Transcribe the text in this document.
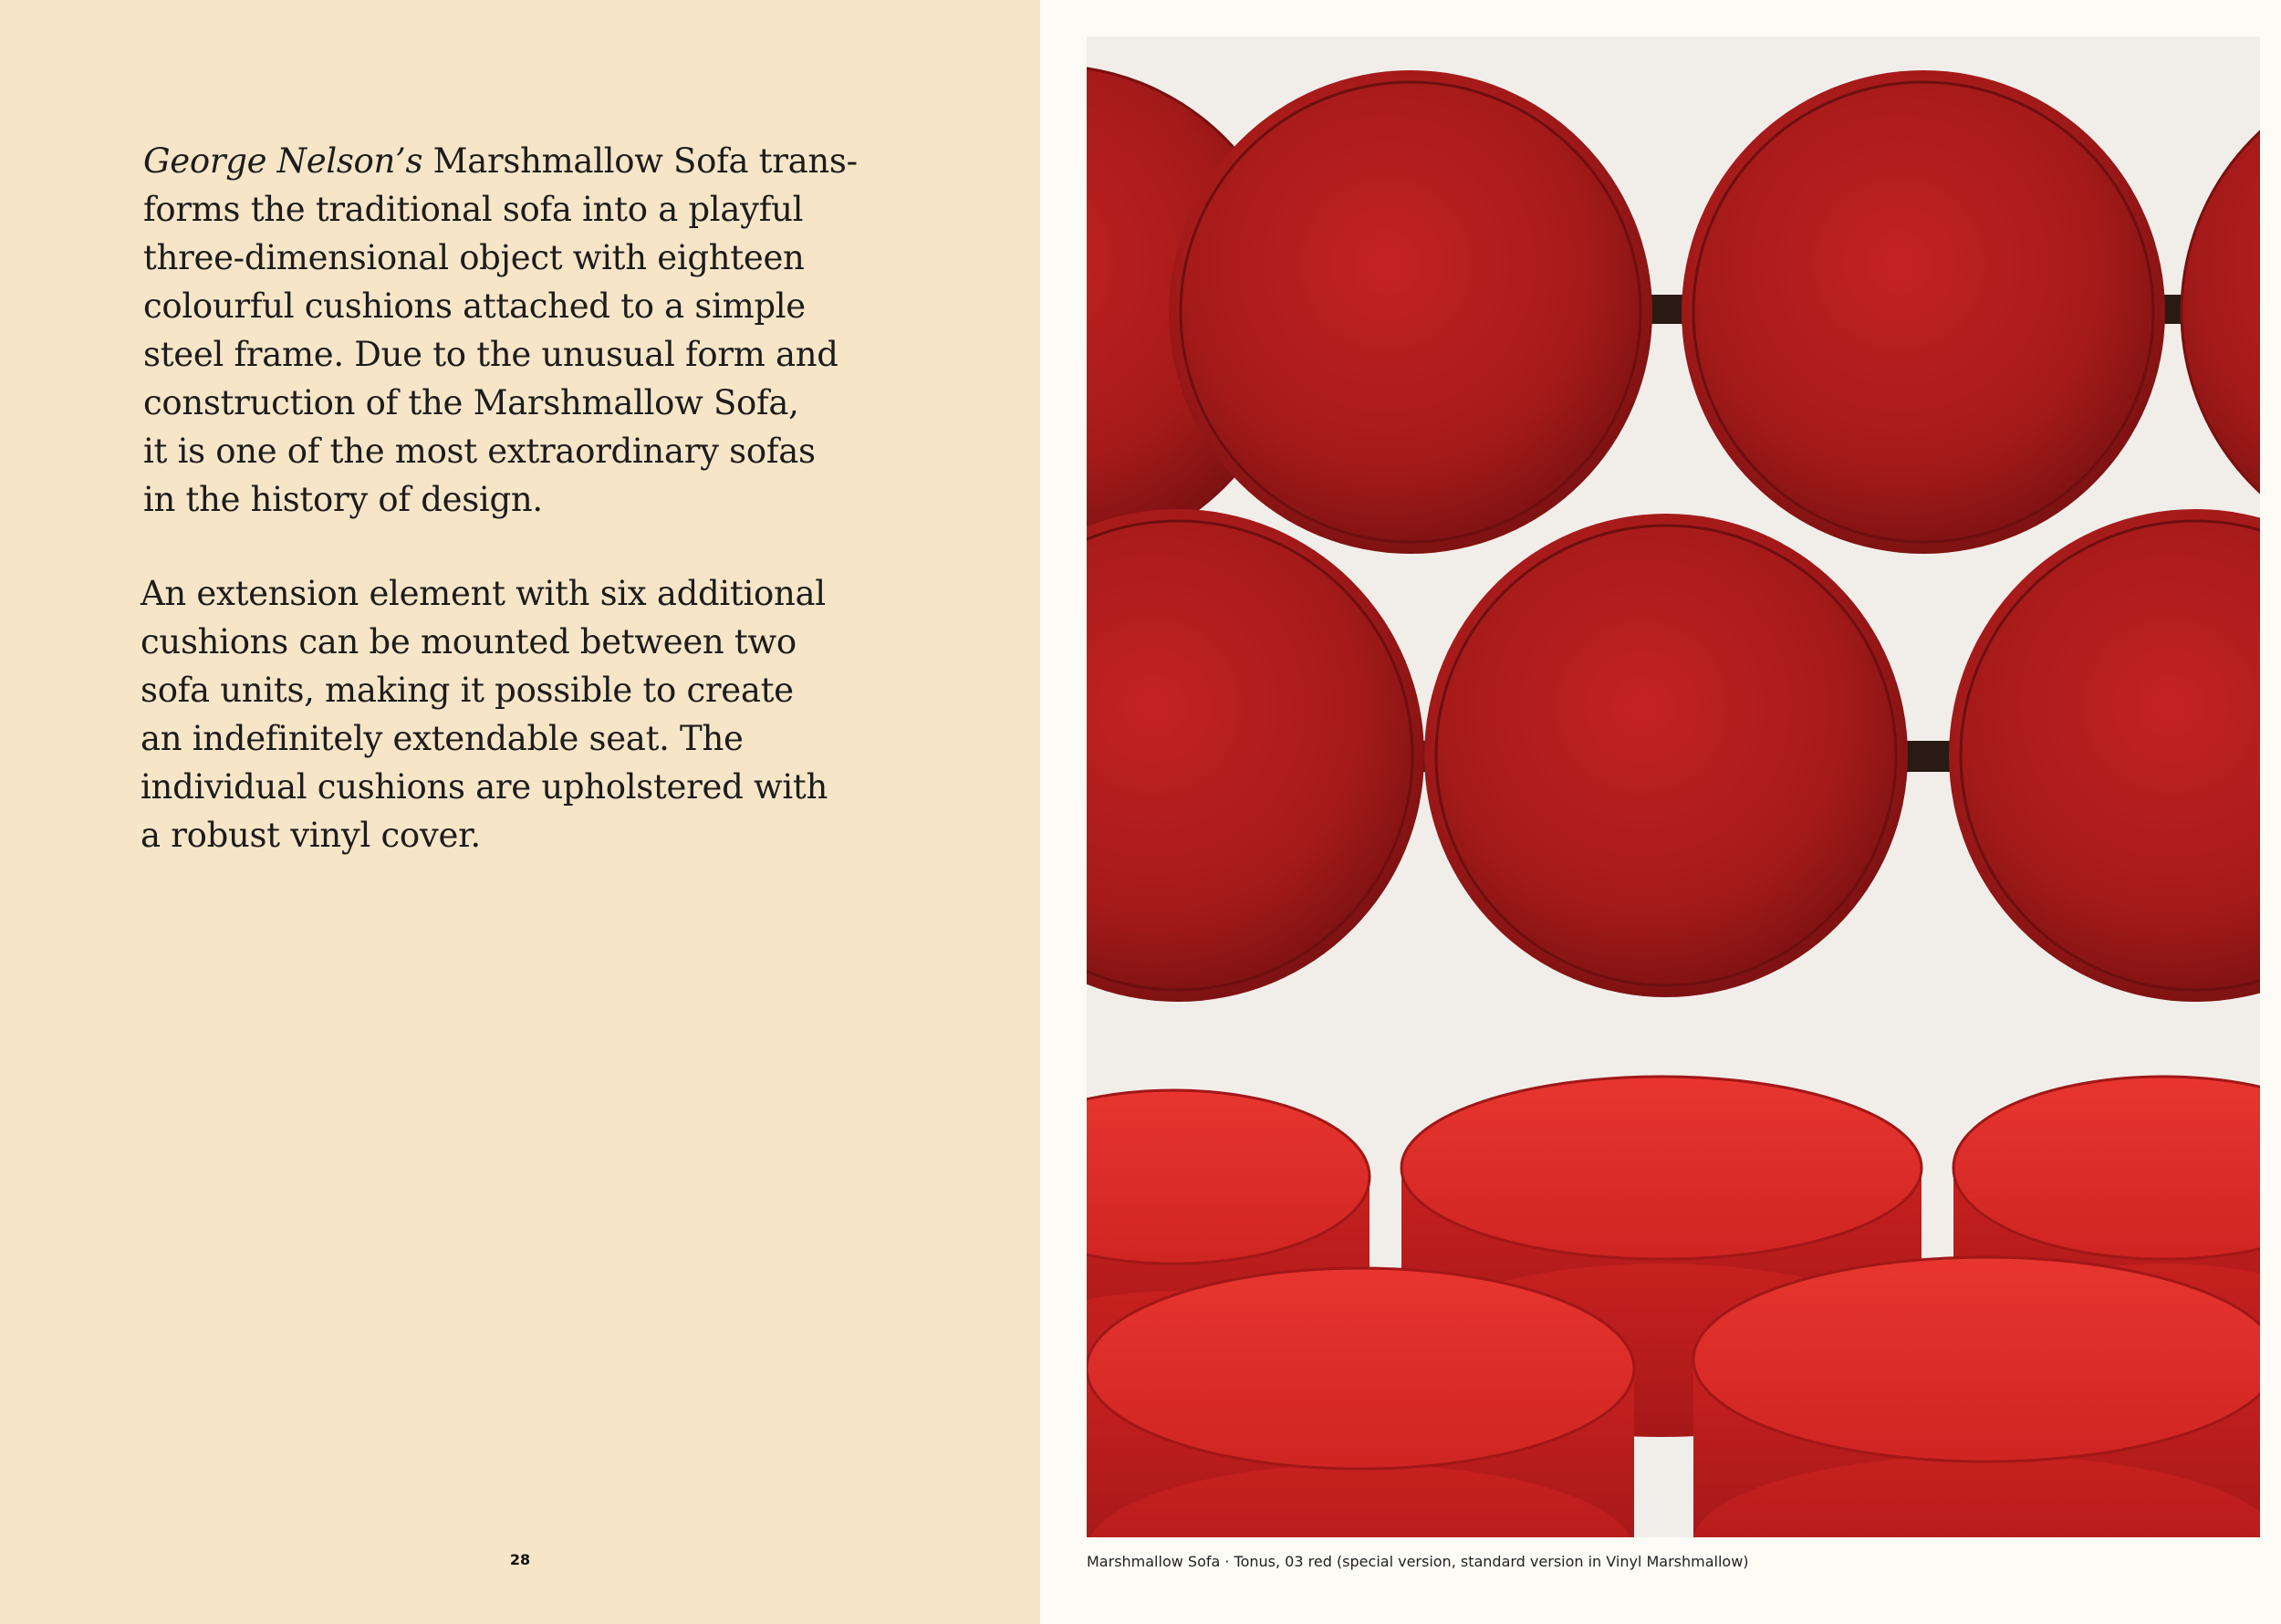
George Nelson’s Marshmallow Sofa trans-
forms the traditional sofa into a playful
three-dimensional object with eighteen
colourful cushions attached to a simple
steel frame. Due to the unusual form and
construction of the Marshmallow Sofa,
it is one of the most extraordinary sofas
in the history of design.

An extension element with six additional
cushions can be mounted between two
sofa units, making it possible to create
an indefinitely extendable seat. The
individual cushions are upholstered with
a robust vinyl cover.

28	Marshmallow Sofa · Tonus, 03 red (special version, standard version in Vinyl Marshmallow)
